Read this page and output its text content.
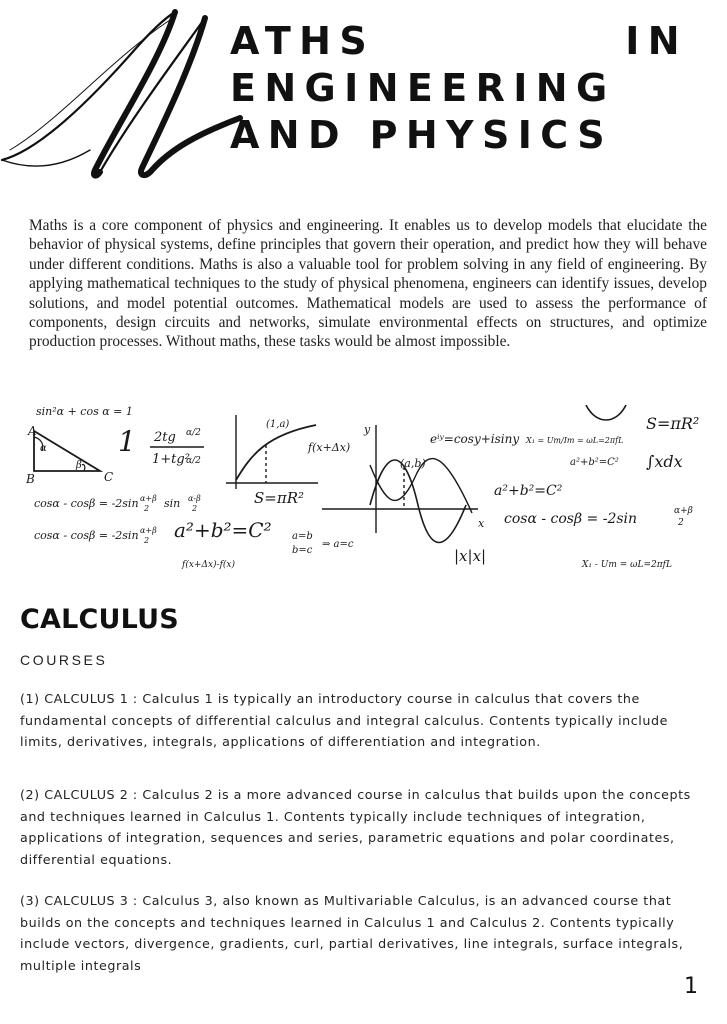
ATHS	IN
ENGINEERING
AND PHYSICS

Maths is a core component of physics and engineering. It enables us to develop models that elucidate the behavior of physical systems, define principles that govern their operation, and predict how they will behave under different conditions. Maths is also a valuable tool for problem solving in any field of engineering. By applying mathematical techniques to the study of physical phenomena, engineers can identify issues, develop solutions, and model potential outcomes. Mathematical models are used to assess the performance of components, design circuits and networks, simulate environmental effects on structures, and optimize production processes. Without maths, these tasks would be almost impossible.

sin²α + cos α = 1
A
B	C
α
β
1 2tg α/2
1+tg²
α/2
(1,a)
f(x+Δx)
y
x
(a,b)
cosα - cosβ = -2sin α+β
2 sin α-β
2
cosα - cosβ = -2sin α+β
2
S=πR²
a²+b²=C² a=b
b=c
⇒ a=c
f(x+Δx)-f(x)
eⁱʸ=cosy+isiny X₁ = Um/Im = ωL=2πfL
a²+b²=C²
S=πR²
∫xdx
a²+b²=C²
cosα - cosβ = -2sin	α+β
2
|x|x|	X₁ - Um = ωL=2πfL
CALCULUS

COURSES

(1) CALCULUS 1 : Calculus 1 is typically an introductory course in calculus that covers the fundamental concepts of differential calculus and integral calculus. Contents typically include limits, derivatives, integrals, applications of differentiation and integration.

(2) CALCULUS 2 : Calculus 2 is a more advanced course in calculus that builds upon the concepts and techniques learned in Calculus 1. Contents typically include techniques of integration, applications of integration, sequences and series, parametric equations and polar coordinates, differential equations.

(3) CALCULUS 3 : Calculus 3, also known as Multivariable Calculus, is an advanced course that builds on the concepts and techniques learned in Calculus 1 and Calculus 2. Contents typically include vectors, divergence, gradients, curl, partial derivatives, line integrals, surface integrals, multiple integrals

1
